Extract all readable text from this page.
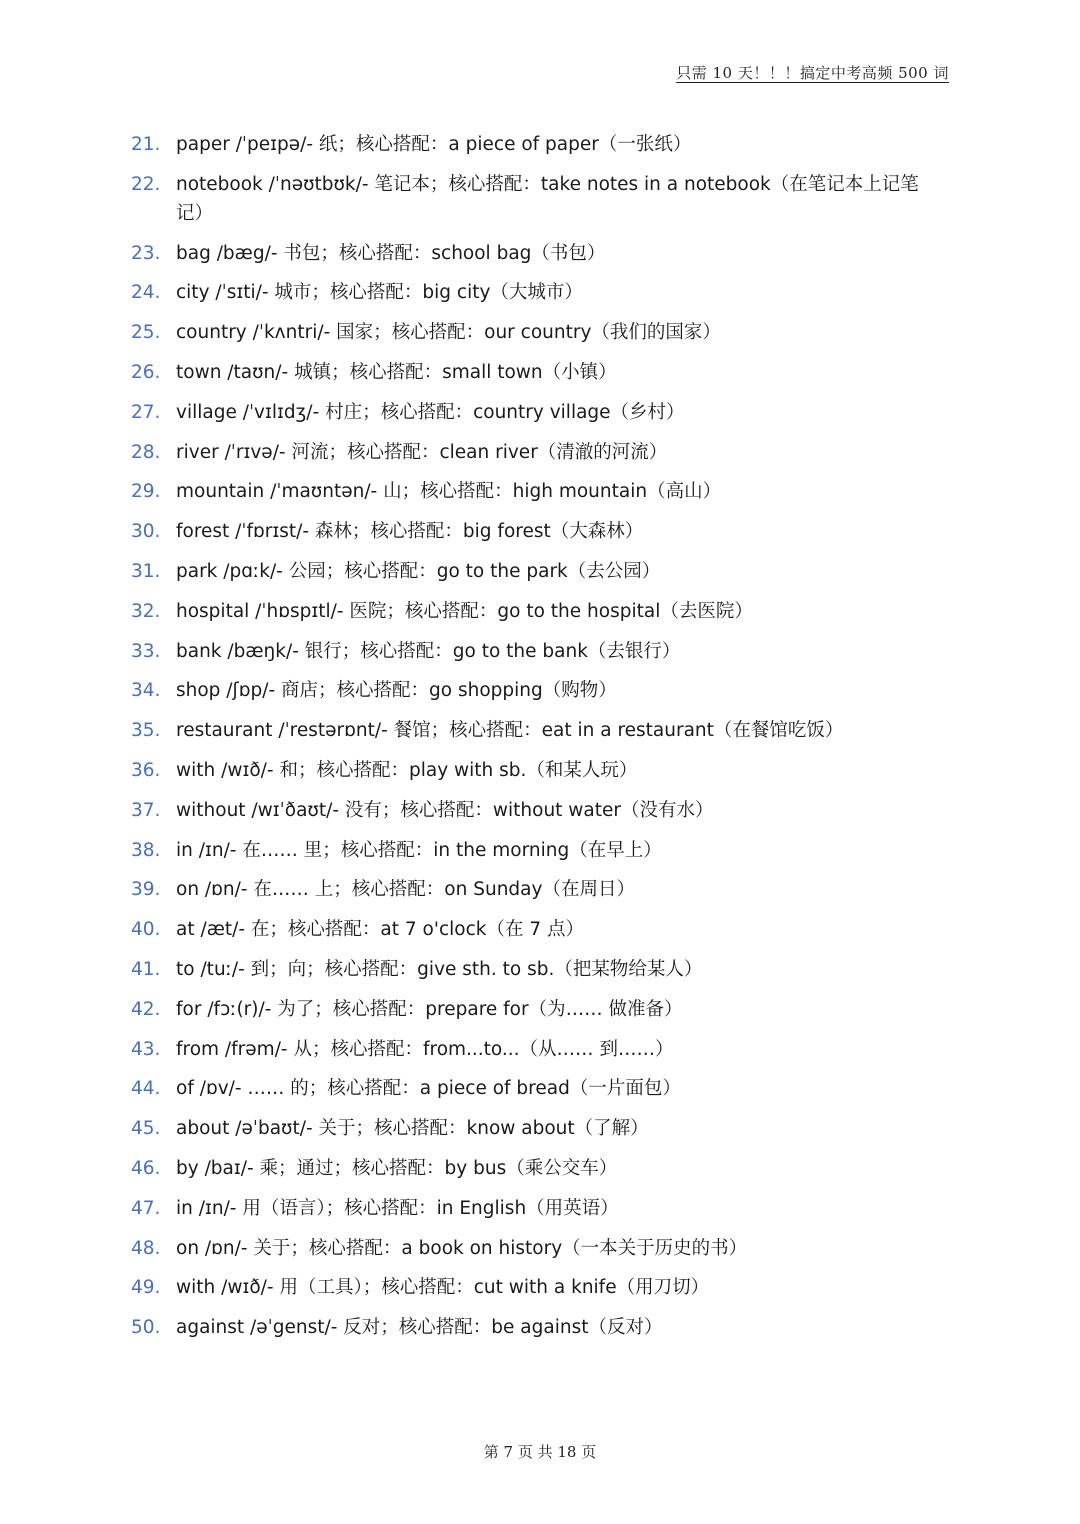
只需 10 天！！！搞定中考高频 500 词
21. paper /ˈpeɪpə/- 纸；核心搭配：a piece of paper（一张纸）
22. notebook /ˈnəʊtbʊk/- 笔记本；核心搭配：take notes in a notebook（在笔记本上记笔记）
23. bag /bæg/- 书包；核心搭配：school bag（书包）
24. city /ˈsɪti/- 城市；核心搭配：big city（大城市）
25. country /ˈkʌntri/- 国家；核心搭配：our country（我们的国家）
26. town /taʊn/- 城镇；核心搭配：small town（小镇）
27. village /ˈvɪlɪdʒ/- 村庄；核心搭配：country village（乡村）
28. river /ˈrɪvə/- 河流；核心搭配：clean river（清澈的河流）
29. mountain /ˈmaʊntən/- 山；核心搭配：high mountain（高山）
30. forest /ˈfɒrɪst/- 森林；核心搭配：big forest（大森林）
31. park /pɑːk/- 公园；核心搭配：go to the park（去公园）
32. hospital /ˈhɒspɪtl/- 医院；核心搭配：go to the hospital（去医院）
33. bank /bæŋk/- 银行；核心搭配：go to the bank（去银行）
34. shop /ʃɒp/- 商店；核心搭配：go shopping（购物）
35. restaurant /ˈrestərɒnt/- 餐馆；核心搭配：eat in a restaurant（在餐馆吃饭）
36. with /wɪð/- 和；核心搭配：play with sb.（和某人玩）
37. without /wɪˈðaʊt/- 没有；核心搭配：without water（没有水）
38. in /ɪn/- 在…… 里；核心搭配：in the morning（在早上）
39. on /ɒn/- 在…… 上；核心搭配：on Sunday（在周日）
40. at /æt/- 在；核心搭配：at 7 o'clock（在 7 点）
41. to /tuː/- 到；向；核心搭配：give sth. to sb.（把某物给某人）
42. for /fɔː(r)/- 为了；核心搭配：prepare for（为…… 做准备）
43. from /frəm/- 从；核心搭配：from...to...（从…… 到……）
44. of /ɒv/- …… 的；核心搭配：a piece of bread（一片面包）
45. about /əˈbaʊt/- 关于；核心搭配：know about（了解）
46. by /baɪ/- 乘；通过；核心搭配：by bus（乘公交车）
47. in /ɪn/- 用（语言）；核心搭配：in English（用英语）
48. on /ɒn/- 关于；核心搭配：a book on history（一本关于历史的书）
49. with /wɪð/- 用（工具）；核心搭配：cut with a knife（用刀切）
50. against /əˈgenst/- 反对；核心搭配：be against（反对）
第 7 页 共 18 页
